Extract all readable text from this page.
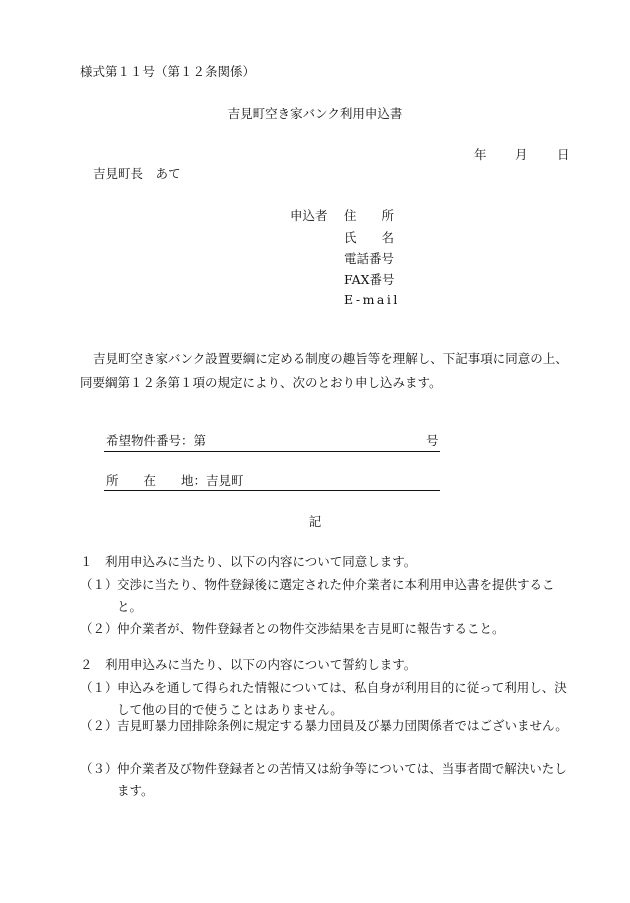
様式第１１号（第１２条関係）
吉見町空き家バンク利用申込書
年 月 日
吉見町長　あて
申込者 住　　所
氏　　名
電話番号
FAX番号
E-mail
吉見町空き家バンク設置要綱に定める制度の趣旨等を理解し、下記事項に同意の上、同要綱第１２条第１項の規定により、次のとおり申し込みます。
希望物件番号：第	号
所　　在　　地：吉見町
記
１　利用申込みに当たり、以下の内容について同意します。
（１） 交渉に当たり、物件登録後に選定された仲介業者に本利用申込書を提供すること。
（２） 仲介業者が、物件登録者との物件交渉結果を吉見町に報告すること。
２　利用申込みに当たり、以下の内容について誓約します。
（１） 申込みを通して得られた情報については、私自身が利用目的に従って利用し、決して他の目的で使うことはありません。
（２） 吉見町暴力団排除条例に規定する暴力団員及び暴力団関係者ではございません。
（３） 仲介業者及び物件登録者との苦情又は紛争等については、当事者間で解決いたします。
